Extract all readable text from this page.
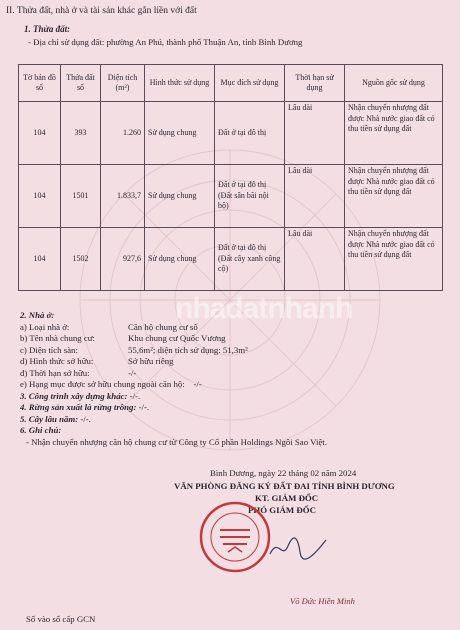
II. Thửa đất, nhà ở và tài sản khác gắn liền với đất
1. Thửa đất:
- Địa chỉ sử dụng đất: phường An Phú, thành phố Thuận An, tỉnh Bình Dương
Tờ bản đồ số	Thửa đất số	Diện tích (m²)	Hình thức sử dụng	Mục đích sử dụng	Thời hạn sử dụng	Nguồn gốc sử dụng
104	393	1.260	Sử dụng chung	Đất ở tại đô thị	Lâu dài	Nhận chuyển nhượng đất được Nhà nước giao đất có thu tiền sử dụng đất
104	1501	1.833,7	Sử dụng chung	Đất ở tại đô thị (Đất sân bãi nội bộ)	Lâu dài	Nhận chuyển nhượng đất được Nhà nước giao đất có thu tiền sử dụng đất
104	1502	927,6	Sử dụng chung	Đất ở tại đô thị (Đất cây xanh công cộ)	Lâu dài	Nhận chuyển nhượng đất được Nhà nước giao đất có thu tiền sử dụng đất
nhadatnhanh
2. Nhà ở:
a) Loại nhà ở:	Căn hộ chung cư số
b) Tên nhà chung cư:	Khu chung cư Quốc Vương
c) Diện tích sàn:	55,6m²; diện tích sử dụng: 51,3m²
d) Hình thức sở hữu:	Sở hữu riêng
đ) Thời hạn sở hữu:	-/-
e) Hạng mục được sở hữu chung ngoài căn hộ: -/-
3. Công trình xây dựng khác: -/-.
4. Rừng sản xuất là rừng trồng: -/-.
5. Cây lâu năm: -/-.
6. Ghi chú:
- Nhận chuyển nhượng căn hộ chung cư từ Công ty Cổ phần Holdings Ngôi Sao Việt.
Bình Dương, ngày 22 tháng 02 năm 2024
VĂN PHÒNG ĐĂNG KÝ ĐẤT ĐAI TỈNH BÌNH DƯƠNG
KT. GIÁM ĐỐC
PHÓ GIÁM ĐỐC
Võ Đức Hiền Minh
Số vào sổ cấp GCN
